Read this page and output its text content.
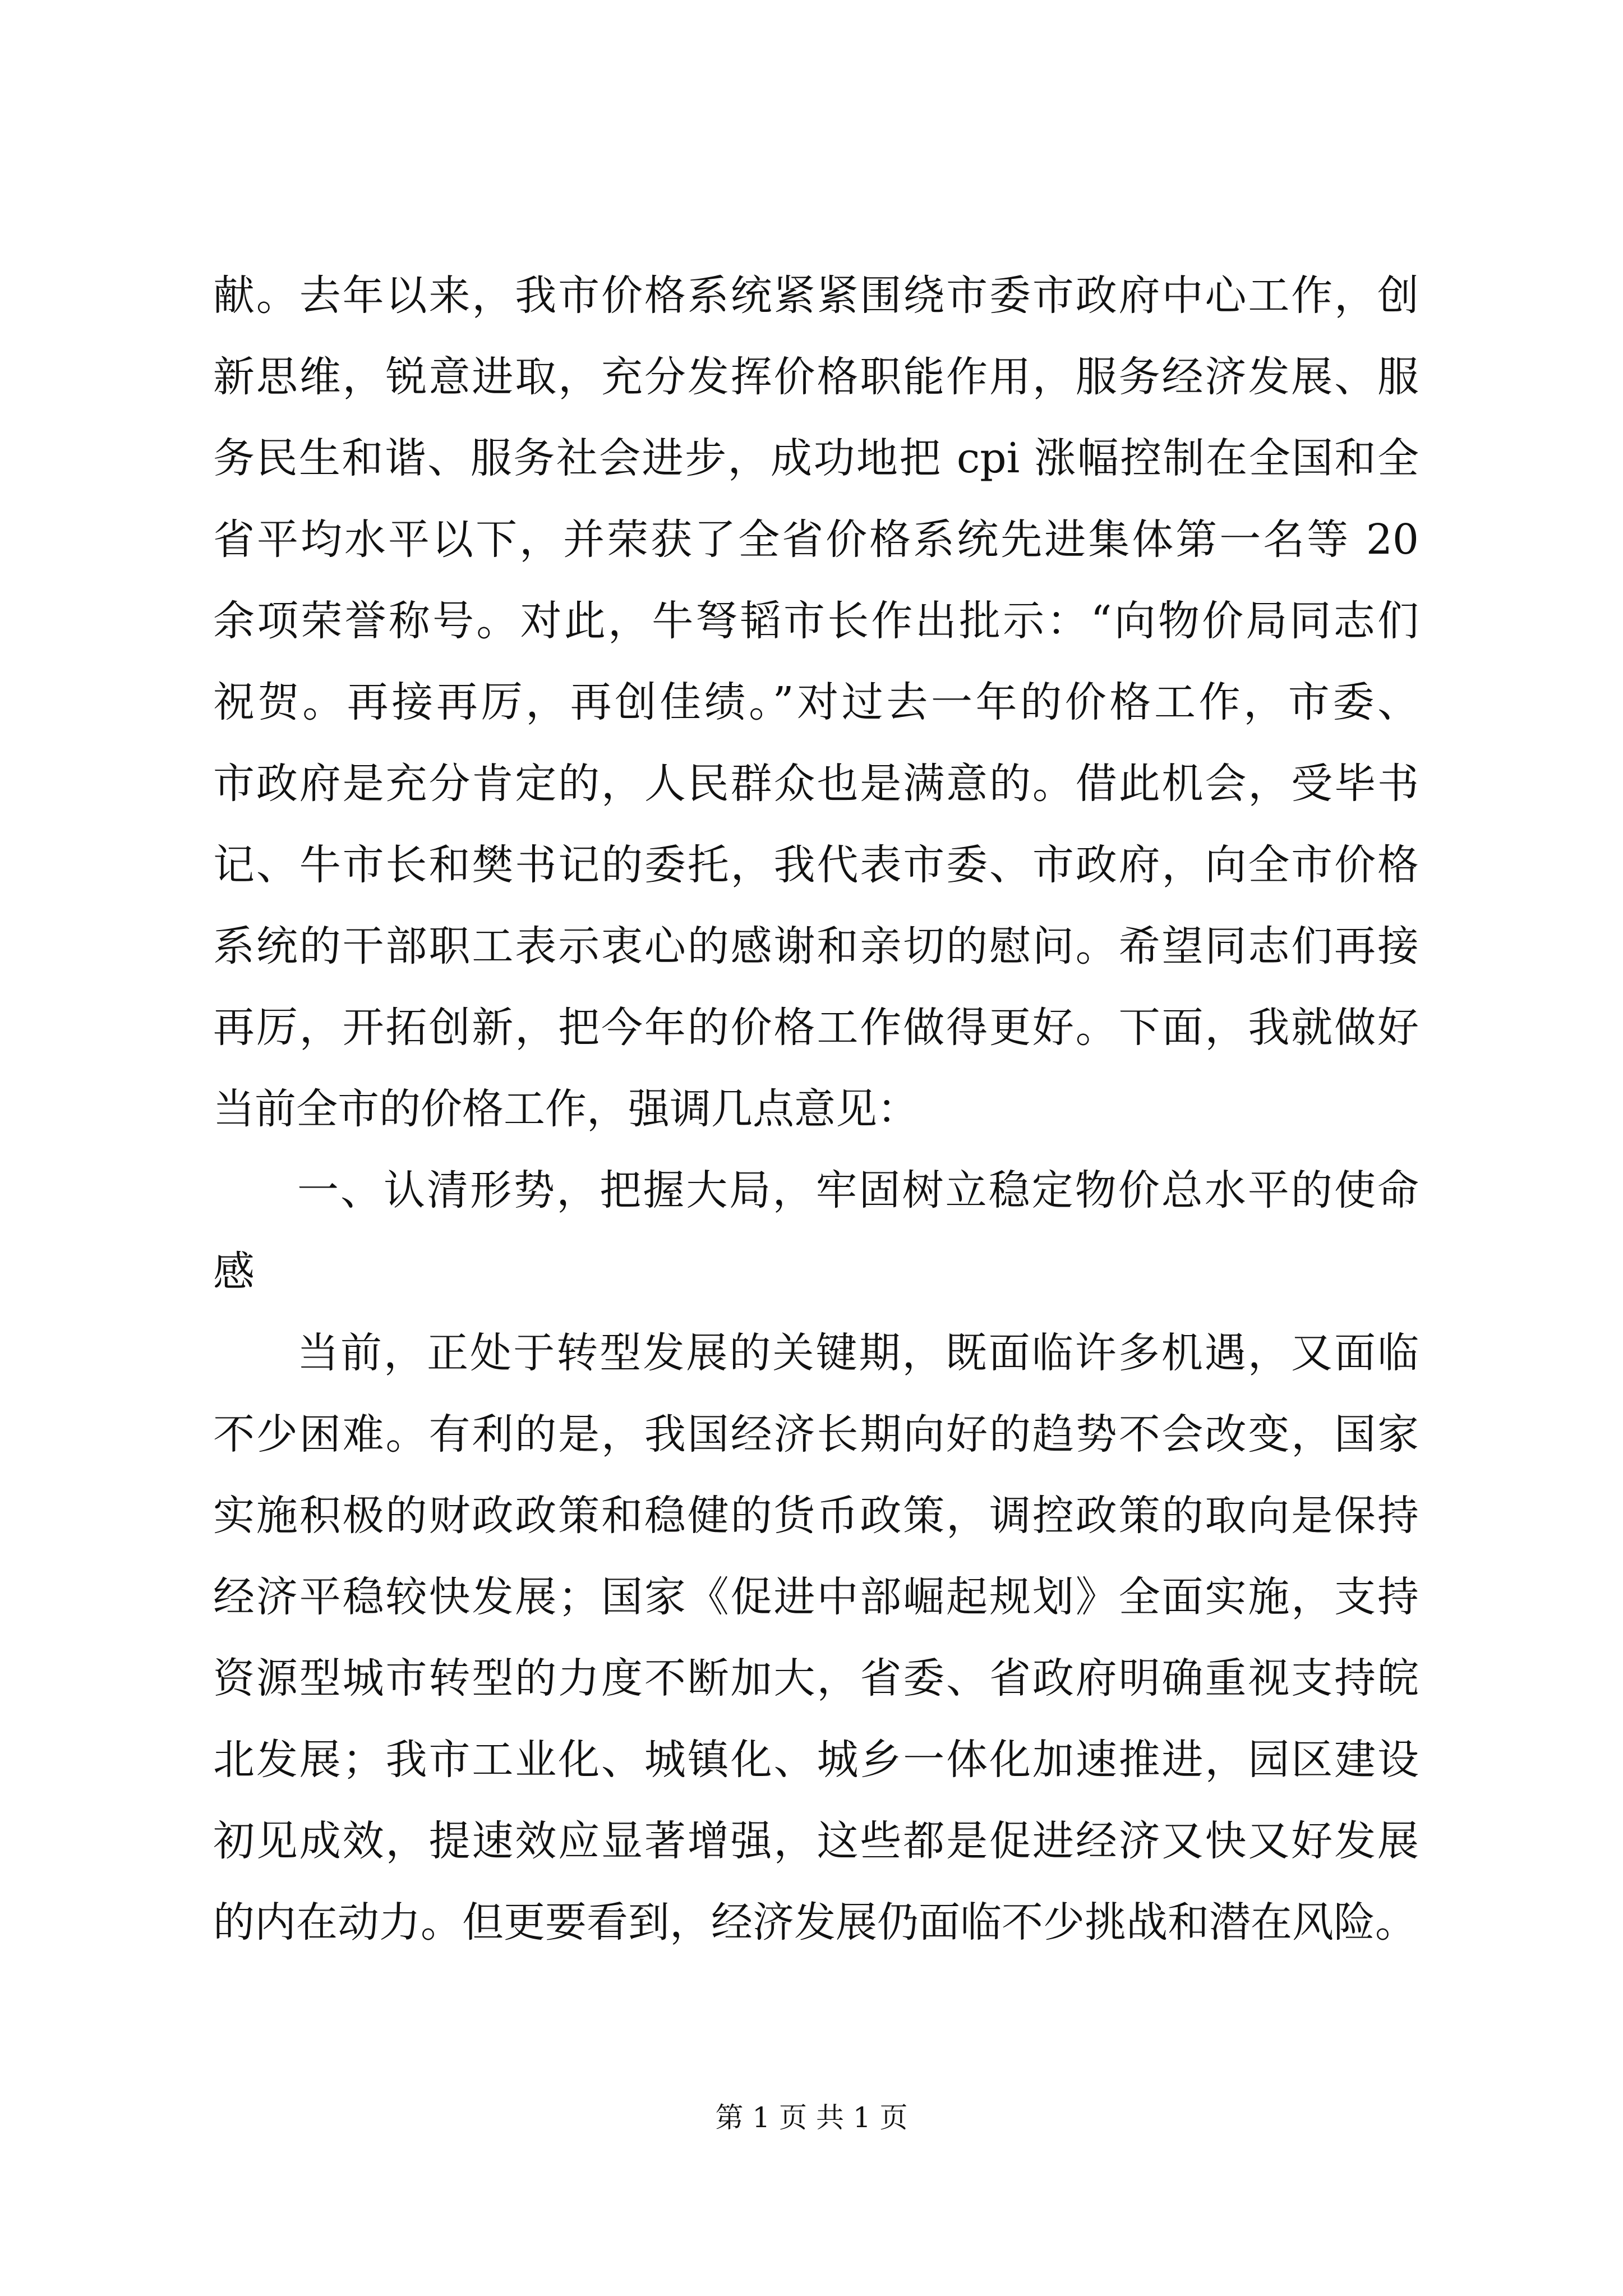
献。去年以来，我市价格系统紧紧围绕市委市政府中心工作，创
新思维，锐意进取，充分发挥价格职能作用，服务经济发展、服
务民生和谐、服务社会进步，成功地把 cpi 涨幅控制在全国和全
省平均水平以下，并荣获了全省价格系统先进集体第一名等 20
余项荣誉称号。对此，牛弩韬市长作出批示：“向物价局同志们
祝贺。再接再厉，再创佳绩。”对过去一年的价格工作，市委、
市政府是充分肯定的，人民群众也是满意的。借此机会，受毕书
记、牛市长和樊书记的委托，我代表市委、市政府，向全市价格
系统的干部职工表示衷心的感谢和亲切的慰问。希望同志们再接
再厉，开拓创新，把今年的价格工作做得更好。下面，我就做好
当前全市的价格工作，强调几点意见：
一、认清形势，把握大局，牢固树立稳定物价总水平的使命
感
当前，正处于转型发展的关键期，既面临许多机遇，又面临
不少困难。有利的是，我国经济长期向好的趋势不会改变，国家
实施积极的财政政策和稳健的货币政策，调控政策的取向是保持
经济平稳较快发展；国家《促进中部崛起规划》全面实施，支持
资源型城市转型的力度不断加大，省委、省政府明确重视支持皖
北发展；我市工业化、城镇化、城乡一体化加速推进，园区建设
初见成效，提速效应显著增强，这些都是促进经济又快又好发展
的内在动力。但更要看到，经济发展仍面临不少挑战和潜在风险。
第 1 页 共 1 页
